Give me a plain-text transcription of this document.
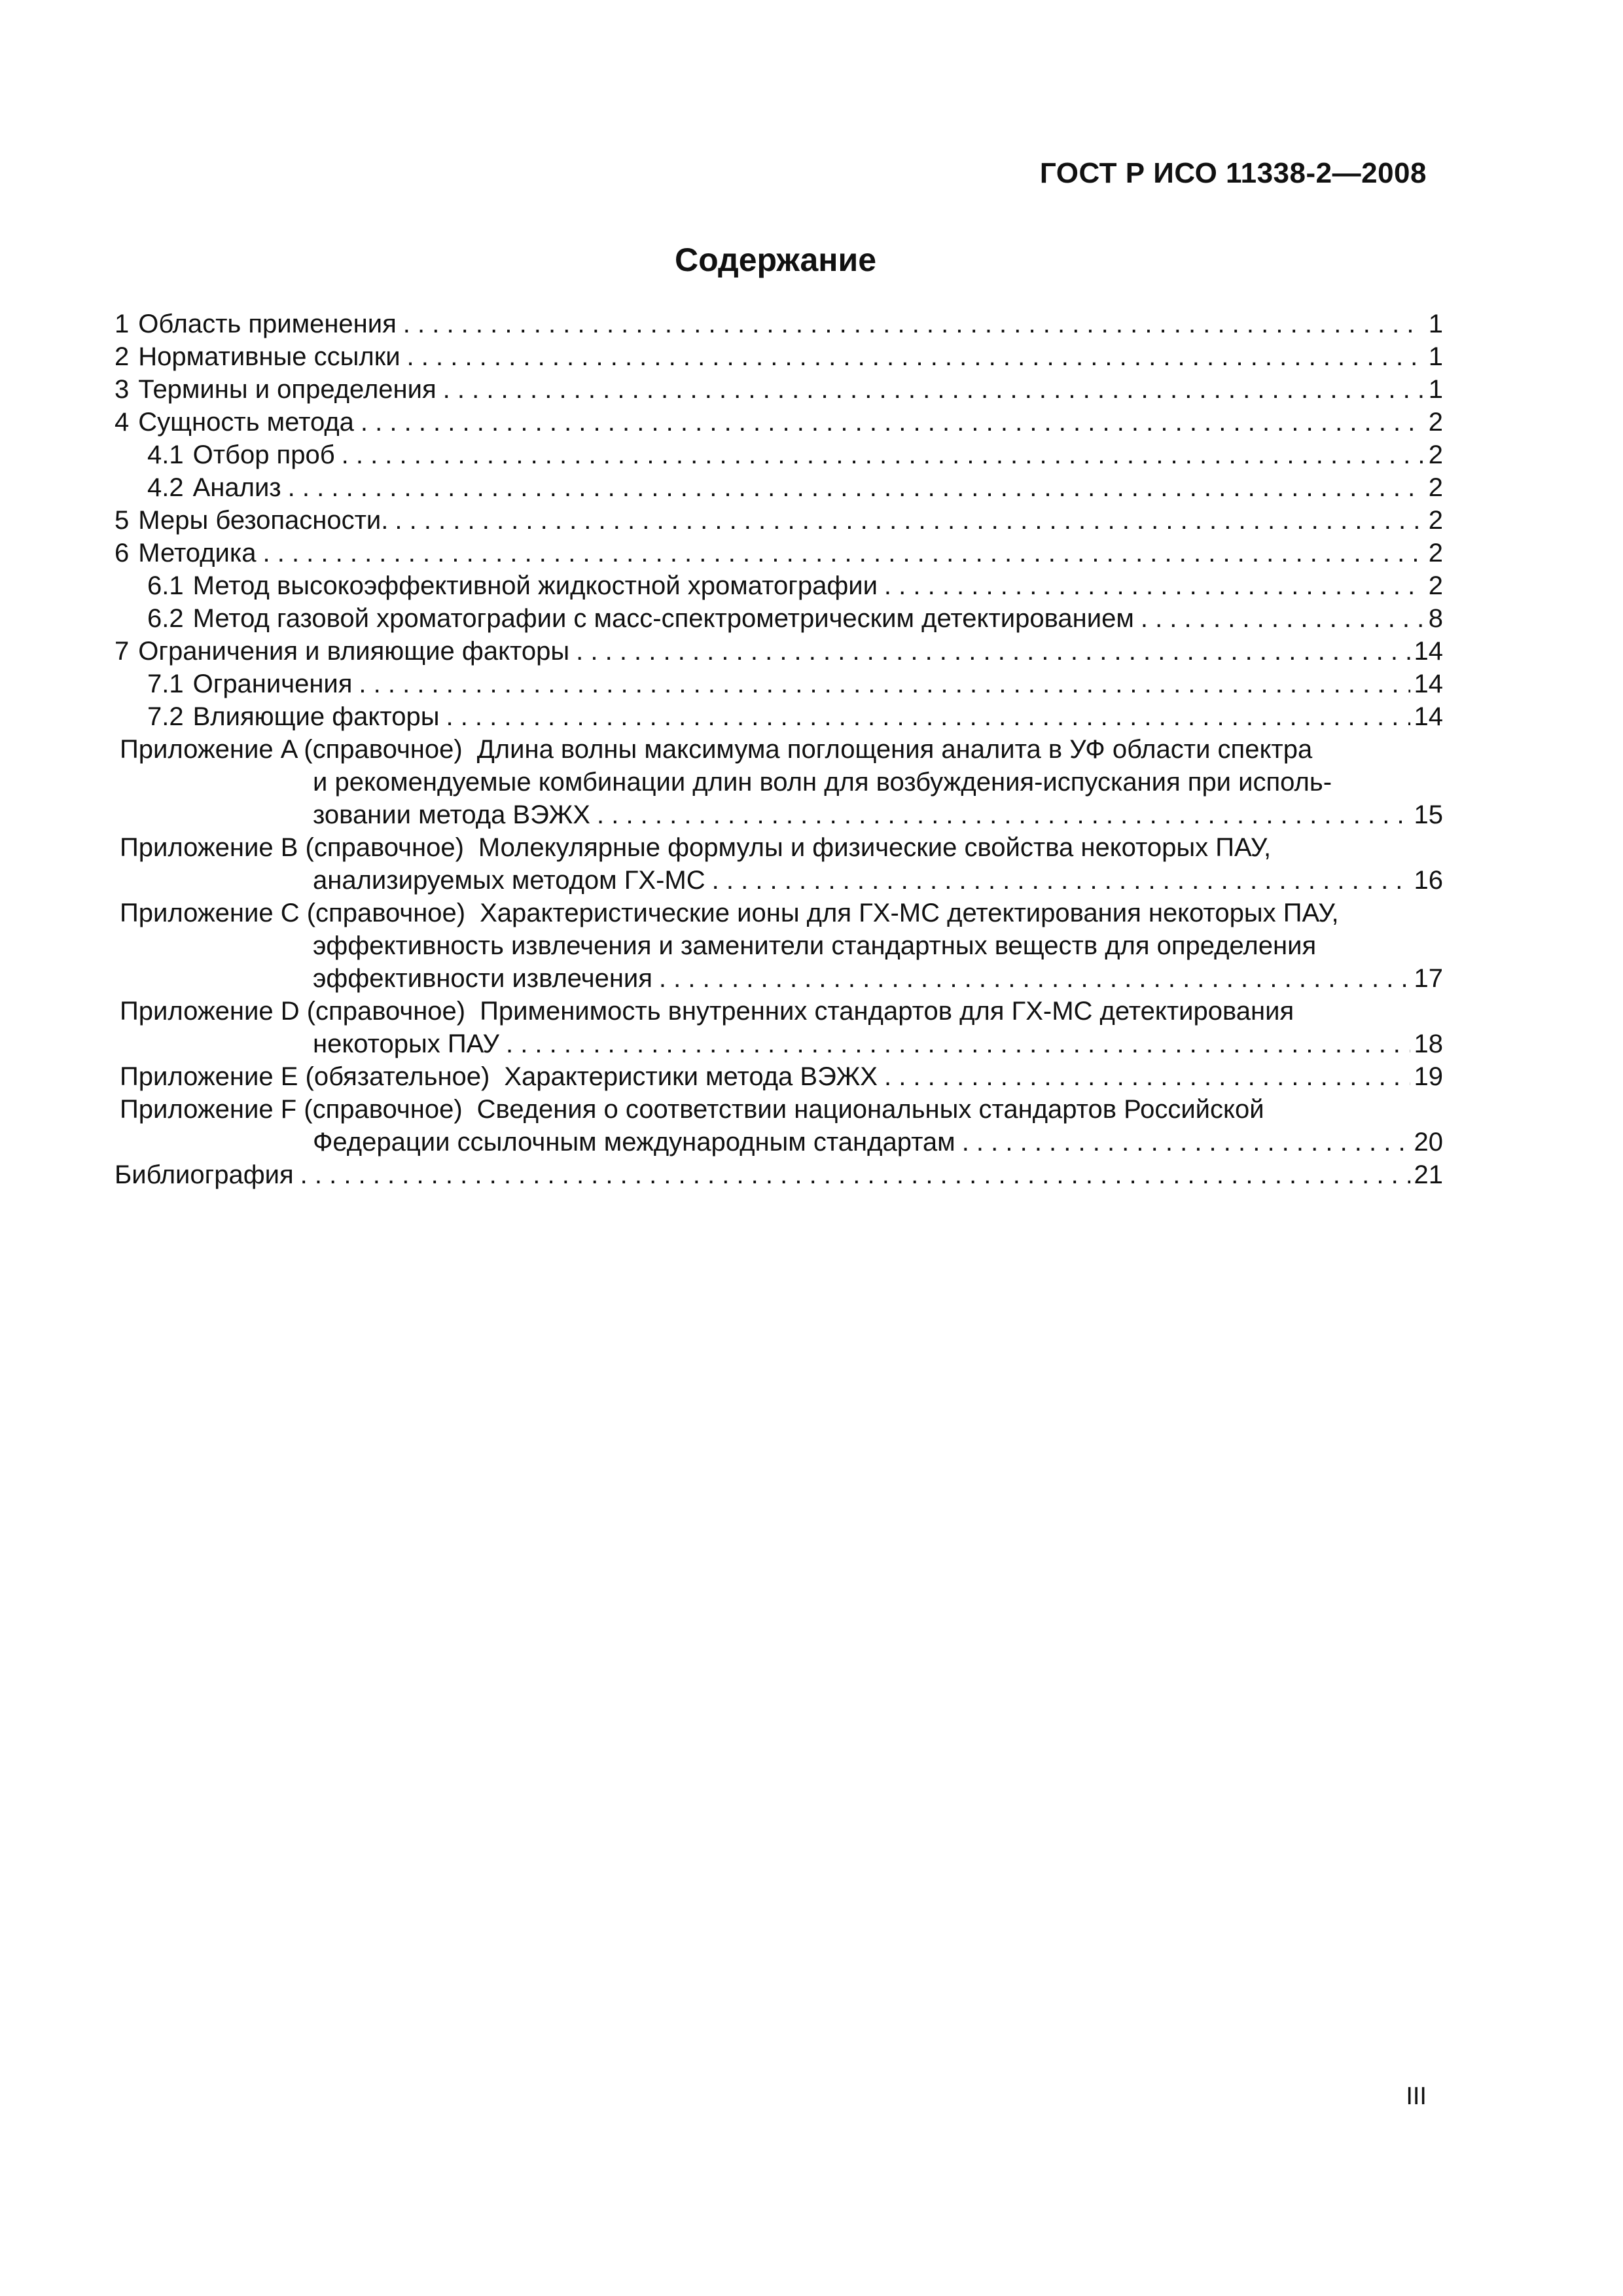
ГОСТ Р ИСО 11338-2—2008
Содержание
1 Область применения . . .	1
2 Нормативные ссылки . . .	1
3 Термины и определения . . .	1
4 Сущность метода . . .	2
4.1 Отбор проб . . .	2
4.2 Анализ . . .	2
5 Меры безопасности. . . .	2
6 Методика . . .	2
6.1 Метод высокоэффективной жидкостной хроматографии . . .	2
6.2 Метод газовой хроматографии с масс-спектрометрическим детектированием . . .	8
7 Ограничения и влияющие факторы . . .	14
7.1 Ограничения . . .	14
7.2 Влияющие факторы . . .	14
Приложение A (справочное) Длина волны максимума поглощения аналита в УФ области спектра
и рекомендуемые комбинации длин волн для возбуждения-испускания при исполь-
зовании метода ВЭЖХ . . .	15
Приложение B (справочное) Молекулярные формулы и физические свойства некоторых ПАУ,
анализируемых методом ГХ-МС . . .	16
Приложение C (справочное) Характеристические ионы для ГХ-МС детектирования некоторых ПАУ,
эффективность извлечения и заменители стандартных веществ для определения
эффективности извлечения . . .	17
Приложение D (справочное) Применимость внутренних стандартов для ГХ-МС детектирования
некоторых ПАУ . . .	18
Приложение E (обязательное) Характеристики метода ВЭЖХ . . .	19
Приложение F (справочное) Сведения о соответствии национальных стандартов Российской
Федерации ссылочным международным стандартам . . .	20
Библиография . . .	21
III
